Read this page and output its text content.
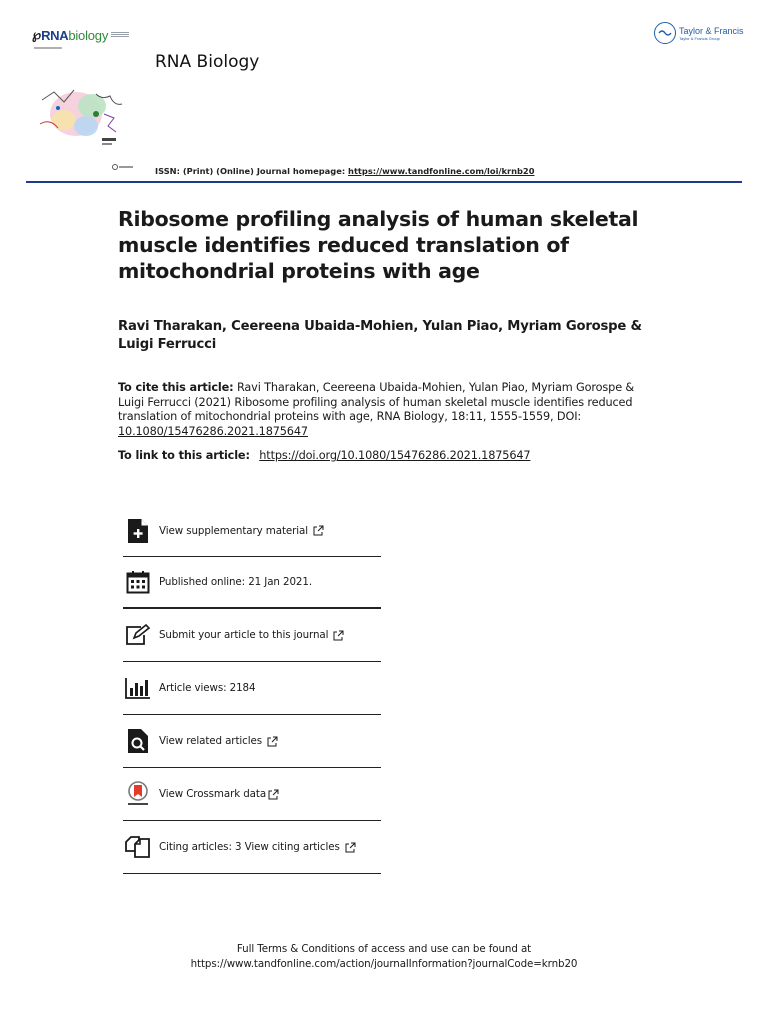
℘ RNA biology
RNA Biology
Taylor & Francis
Taylor & Francis Group
ISSN: (Print) (Online) Journal homepage: https://www.tandfonline.com/loi/krnb20
Ribosome profiling analysis of human skeletal
muscle identifies reduced translation of
mitochondrial proteins with age
Ravi Tharakan, Ceereena Ubaida-Mohien, Yulan Piao, Myriam Gorospe &
Luigi Ferrucci
To cite this article: Ravi Tharakan, Ceereena Ubaida-Mohien, Yulan Piao, Myriam Gorospe & Luigi Ferrucci (2021) Ribosome profiling analysis of human skeletal muscle identifies reduced translation of mitochondrial proteins with age, RNA Biology, 18:11, 1555-1559, DOI: 10.1080/15476286.2021.1875647
To link to this article: https://doi.org/10.1080/15476286.2021.1875647
View supplementary material
Published online: 21 Jan 2021.
Submit your article to this journal
Article views: 2184
View related articles
View Crossmark data
Citing articles: 3 View citing articles
Full Terms & Conditions of access and use can be found at
https://www.tandfonline.com/action/journalInformation?journalCode=krnb20
